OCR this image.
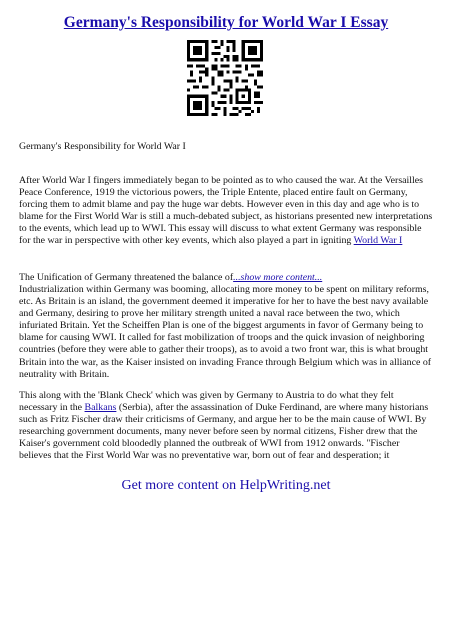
Germany's Responsibility for World War I Essay
Germany's Responsibility for World War I

After World War I fingers immediately began to be pointed as to who caused the war. At the Versailles Peace Conference, 1919 the victorious powers, the Triple Entente, placed entire fault on Germany, forcing them to admit blame and pay the huge war debts. However even in this day and age who is to blame for the First World War is still a much-debated subject, as historians presented new interpretations to the events, which lead up to WWI. This essay will discuss to what extent Germany was responsible for the war in perspective with other key events, which also played a part in igniting World War I

The Unification of Germany threatened the balance of...show more content...
Industrialization within Germany was booming, allocating more money to be spent on military reforms, etc. As Britain is an island, the government deemed it imperative for her to have the best navy available and Germany, desiring to prove her military strength united a naval race between the two, which infuriated Britain. Yet the Scheiffen Plan is one of the biggest arguments in favor of Germany being to blame for causing WWI. It called for fast mobilization of troops and the quick invasion of neighboring countries (before they were able to gather their troops), as to avoid a two front war, this is what brought Britain into the war, as the Kaiser insisted on invading France through Belgium which was in alliance of neutrality with Britain.

This along with the 'Blank Check' which was given by Germany to Austria to do what they felt necessary in the Balkans (Serbia), after the assassination of Duke Ferdinand, are where many historians such as Fritz Fischer draw their criticisms of Germany, and argue her to be the main cause of WWI. By researching government documents, many never before seen by normal citizens, Fisher drew that the Kaiser's government cold bloodedly planned the outbreak of WWI from 1912 onwards. "Fischer believes that the First World War was no preventative war, born out of fear and desperation; it

Get more content on HelpWriting.net
